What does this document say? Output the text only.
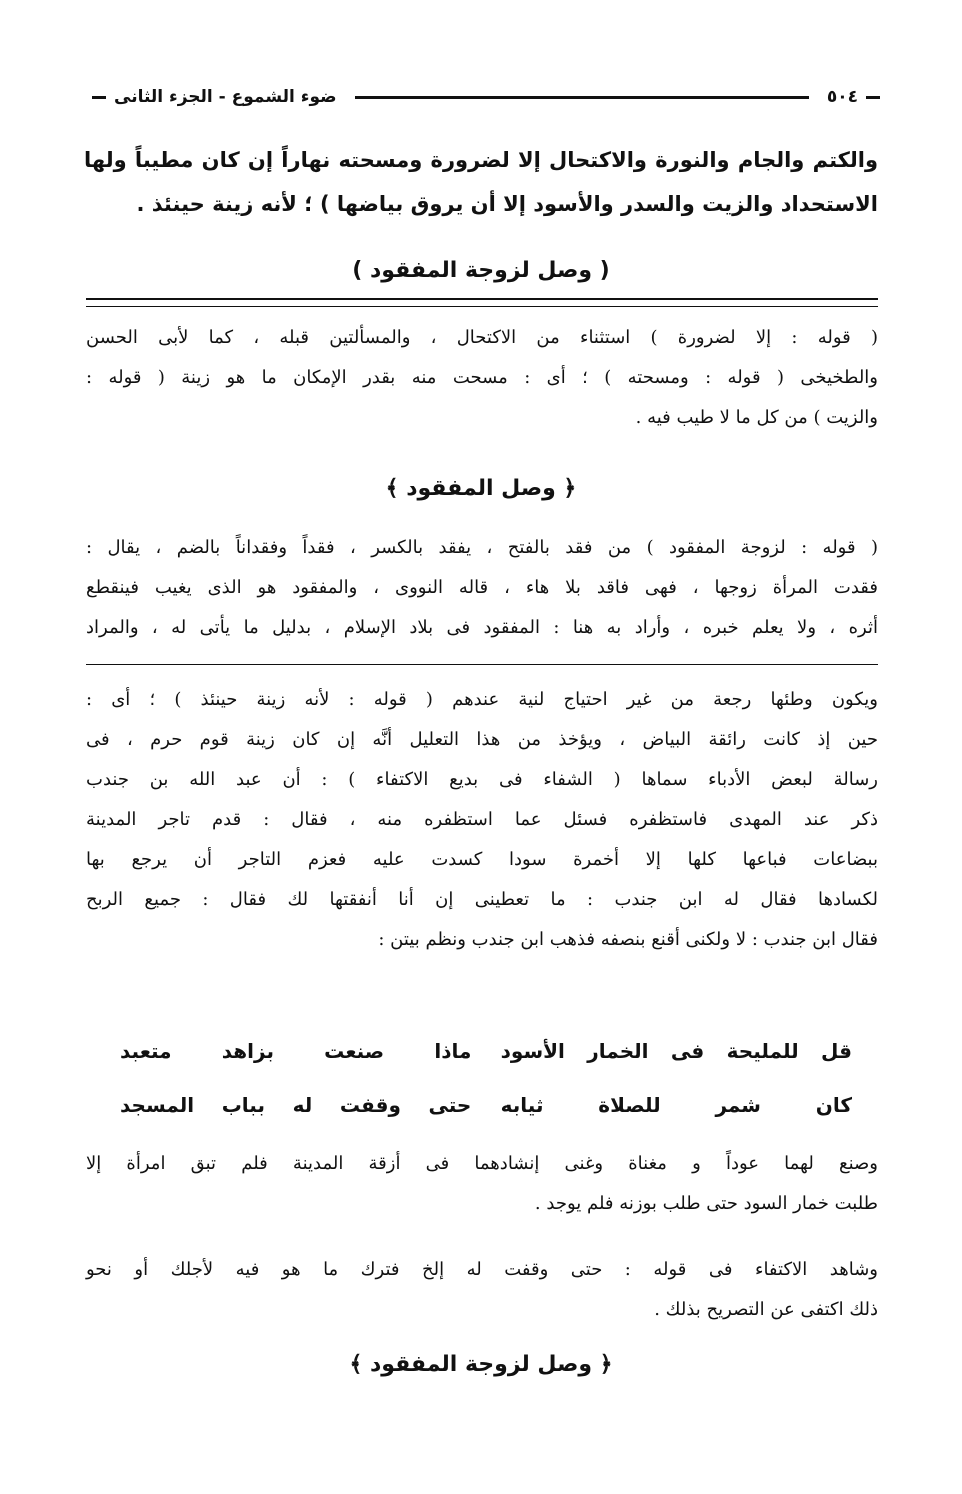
٥٠٤
ضوء الشموع - الجزء الثانى
والكتم والجام والنورة والاكتحال إلا لضرورة ومسحته نهاراً إن كان مطيباً ولها
الاستحداد والزيت والسدر والأسود إلا أن يروق بياضها ) ؛ لأنه زينة حينئذ .
( وصل لزوجة المفقود )
( قوله : إلا لضرورة ) استثناء من الاكتحال ، والمسألتين قبله ، كما لأبى الحسن
والطخيخى ( قوله : ومسحته ) ؛ أى : مسحت منه بقدر الإمكان ما هو زينة ( قوله :
والزيت ) من كل ما لا طيب فيه .
﴿ وصل المفقود ﴾
( قوله : لزوجة المفقود ) من فقد بالفتح ، يفقد بالكسر ، فقداً وفقداناً بالضم ، يقال :
فقدت المرأة زوجها ، فهى فاقد بلا هاء ، قاله النووى ، والمفقود هو الذى يغيب فينقطع
أثره ، ولا يعلم خبره ، وأراد به هنا : المفقود فى بلاد الإسلام ، بدليل ما يأتى له ، والمراد
ويكون وطئها رجعة من غير احتياج لنية عندهم ( قوله : لأنه زينة حينئذ ) ؛ أى :
حين إذ كانت رائقة البياض ، ويؤخذ من هذا التعليل أنَّه إن كان زينة قوم حرم ، فى
رسالة لبعض الأدباء سماها ( الشفاء فى بديع الاكتفاء ) : أن عبد الله بن جندب
ذكر عند المهدى فاستظفره فسئل عما استظفره منه ، فقال : قدم تاجر المدينة
ببضاعات فباعها كلها إلا أخمرة سودا كسدت عليه فعزم التاجر أن يرجع بها
لكسادها فقال له ابن جندب : ما تعطينى إن أنا أنفقتها لك فقال : جميع الربح
فقال ابن جندب : لا ولكنى أقنع بنصفه فذهب ابن جندب ونظم بيتن :
قل للمليحة فى الخمار الأسود
ماذا صنعت بزاهد متعبد
كان شمر للصلاة ثيابه
حتى وقفت له بباب المسجد
وصنع لهما عوداً و مغناة وغنى إنشادهما فى أزقة المدينة فلم تبق امرأة إلا
طلبت خمار السود حتى طلب بوزنه فلم يوجد .
وشاهد الاكتفاء فى قوله : حتى وقفت له إلخ فترك ما هو فيه لأجلك أو نحو
ذلك اكتفى عن التصريح بذلك .
﴿ وصل لزوجة المفقود ﴾
